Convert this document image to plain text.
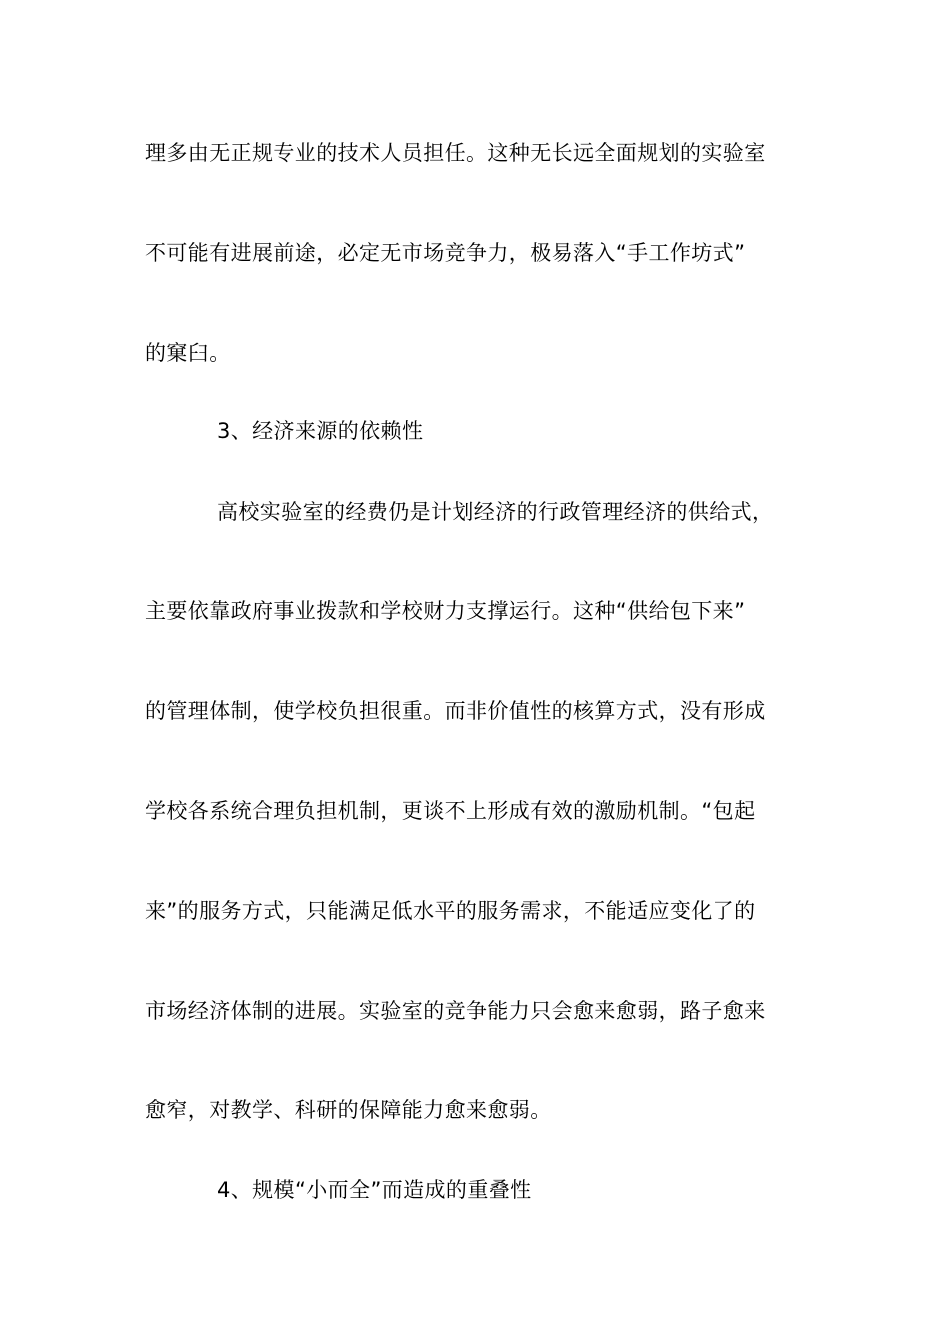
理多由无正规专业的技术人员担任。这种无长远全面规划的实验室
不可能有进展前途，必定无市场竞争力，极易落入“手工作坊式”
的窠臼。
3、经济来源的依赖性
高校实验室的经费仍是计划经济的行政管理经济的供给式，
主要依靠政府事业拨款和学校财力支撑运行。这种“供给包下来”
的管理体制，使学校负担很重。而非价值性的核算方式，没有形成
学校各系统合理负担机制，更谈不上形成有效的激励机制。“包起
来”的服务方式，只能满足低水平的服务需求，不能适应变化了的
市场经济体制的进展。实验室的竞争能力只会愈来愈弱，路子愈来
愈窄，对教学、科研的保障能力愈来愈弱。
4、规模“小而全”而造成的重叠性
